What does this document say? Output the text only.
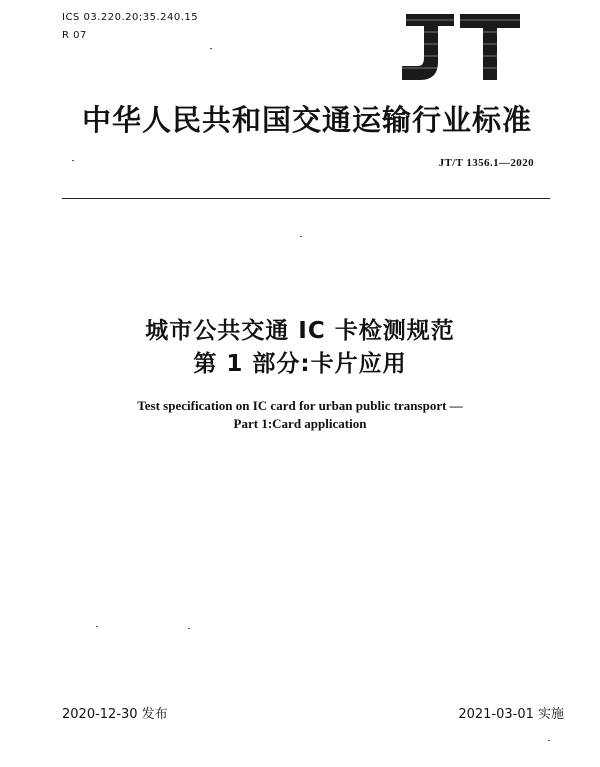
ICS 03.220.20;35.240.15
R 07
中华人民共和国交通运输行业标准
JT/T 1356.1—2020
城市公共交通 IC 卡检测规范
第 1 部分:卡片应用
Test specification on IC card for urban public transport —
Part 1:Card application
2020-12-30 发布	2021-03-01 实施
